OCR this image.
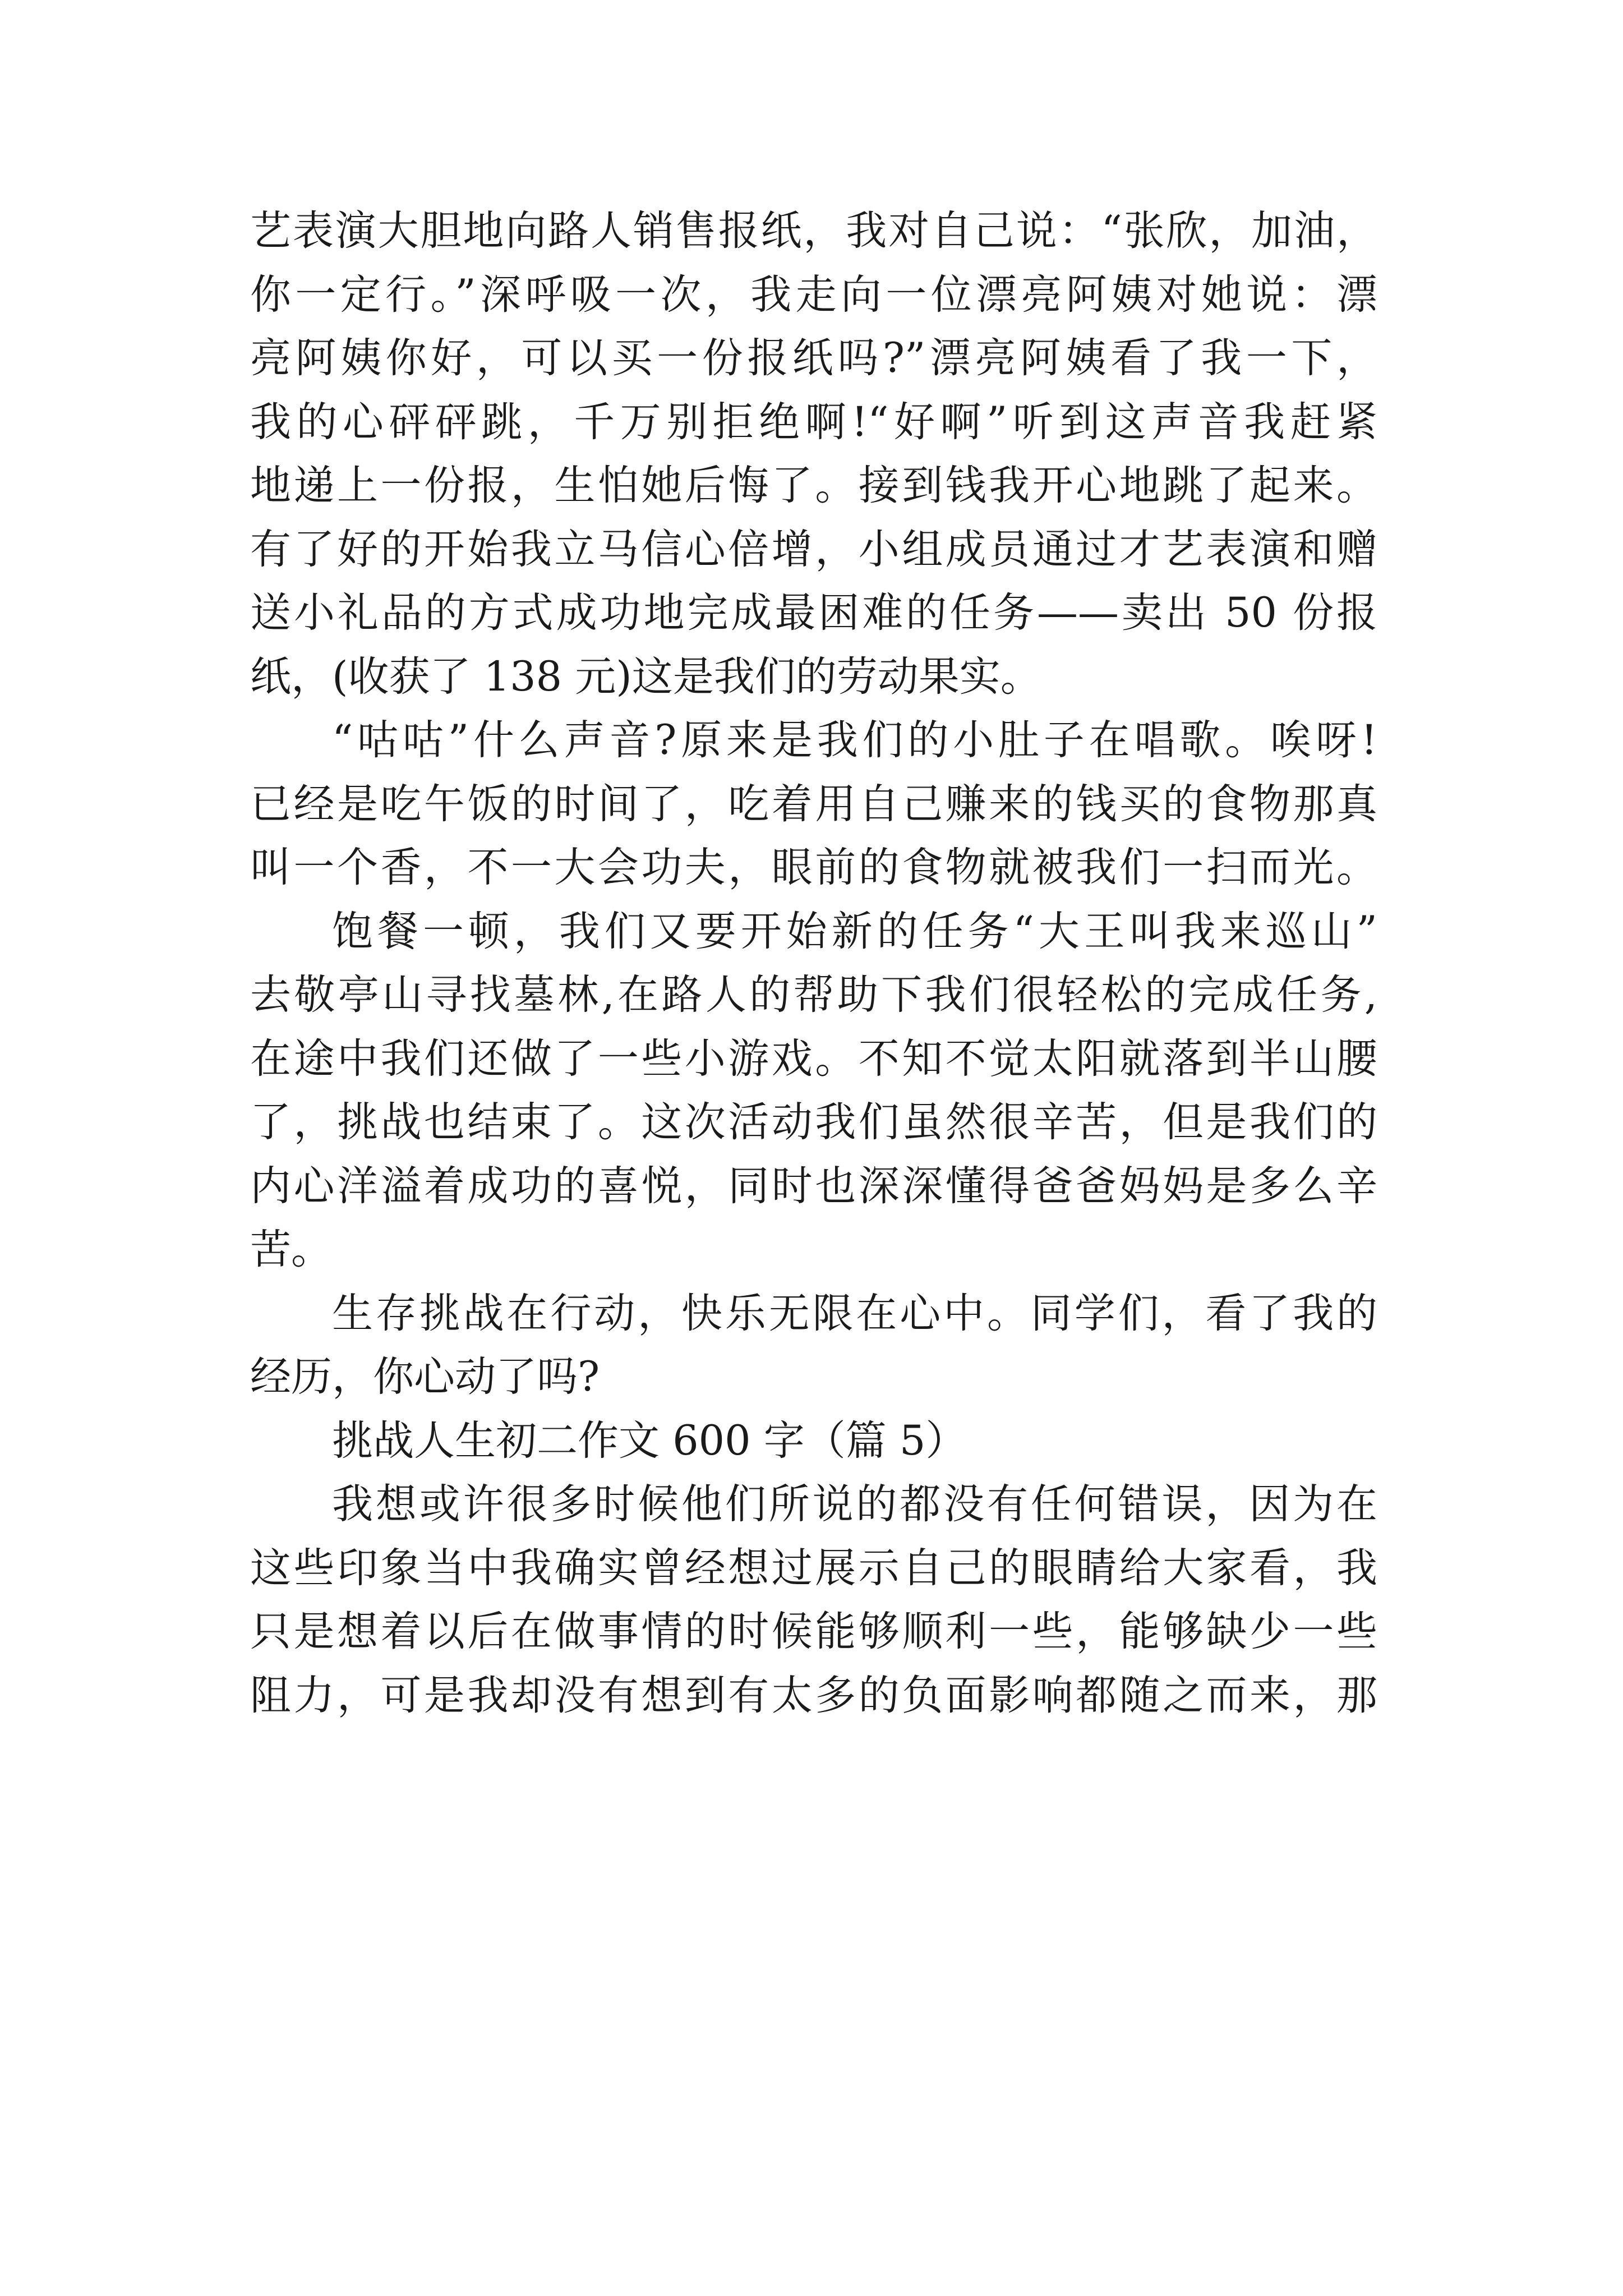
艺表演大胆地向路人销售报纸，我对自己说：“张欣，加油，
你一定行。”深呼吸一次，我走向一位漂亮阿姨对她说：漂
亮阿姨你好，可以买一份报纸吗?”漂亮阿姨看了我一下，
我的心砰砰跳，千万别拒绝啊!“好啊”听到这声音我赶紧
地递上一份报，生怕她后悔了。接到钱我开心地跳了起来。
有了好的开始我立马信心倍增，小组成员通过才艺表演和赠
送小礼品的方式成功地完成最困难的任务——卖出 50 份报
纸，(收获了 138 元)这是我们的劳动果实。
“咕咕”什么声音?原来是我们的小肚子在唱歌。唉呀!
已经是吃午饭的时间了，吃着用自己赚来的钱买的食物那真
叫一个香，不一大会功夫，眼前的食物就被我们一扫而光。
饱餐一顿，我们又要开始新的任务“大王叫我来巡山”
去敬亭山寻找墓林,在路人的帮助下我们很轻松的完成任务,
在途中我们还做了一些小游戏。不知不觉太阳就落到半山腰
了，挑战也结束了。这次活动我们虽然很辛苦，但是我们的
内心洋溢着成功的喜悦，同时也深深懂得爸爸妈妈是多么辛
苦。
生存挑战在行动，快乐无限在心中。同学们，看了我的
经历，你心动了吗?
挑战人生初二作文 600 字（篇 5）
我想或许很多时候他们所说的都没有任何错误，因为在
这些印象当中我确实曾经想过展示自己的眼睛给大家看，我
只是想着以后在做事情的时候能够顺利一些，能够缺少一些
阻力，可是我却没有想到有太多的负面影响都随之而来，那
